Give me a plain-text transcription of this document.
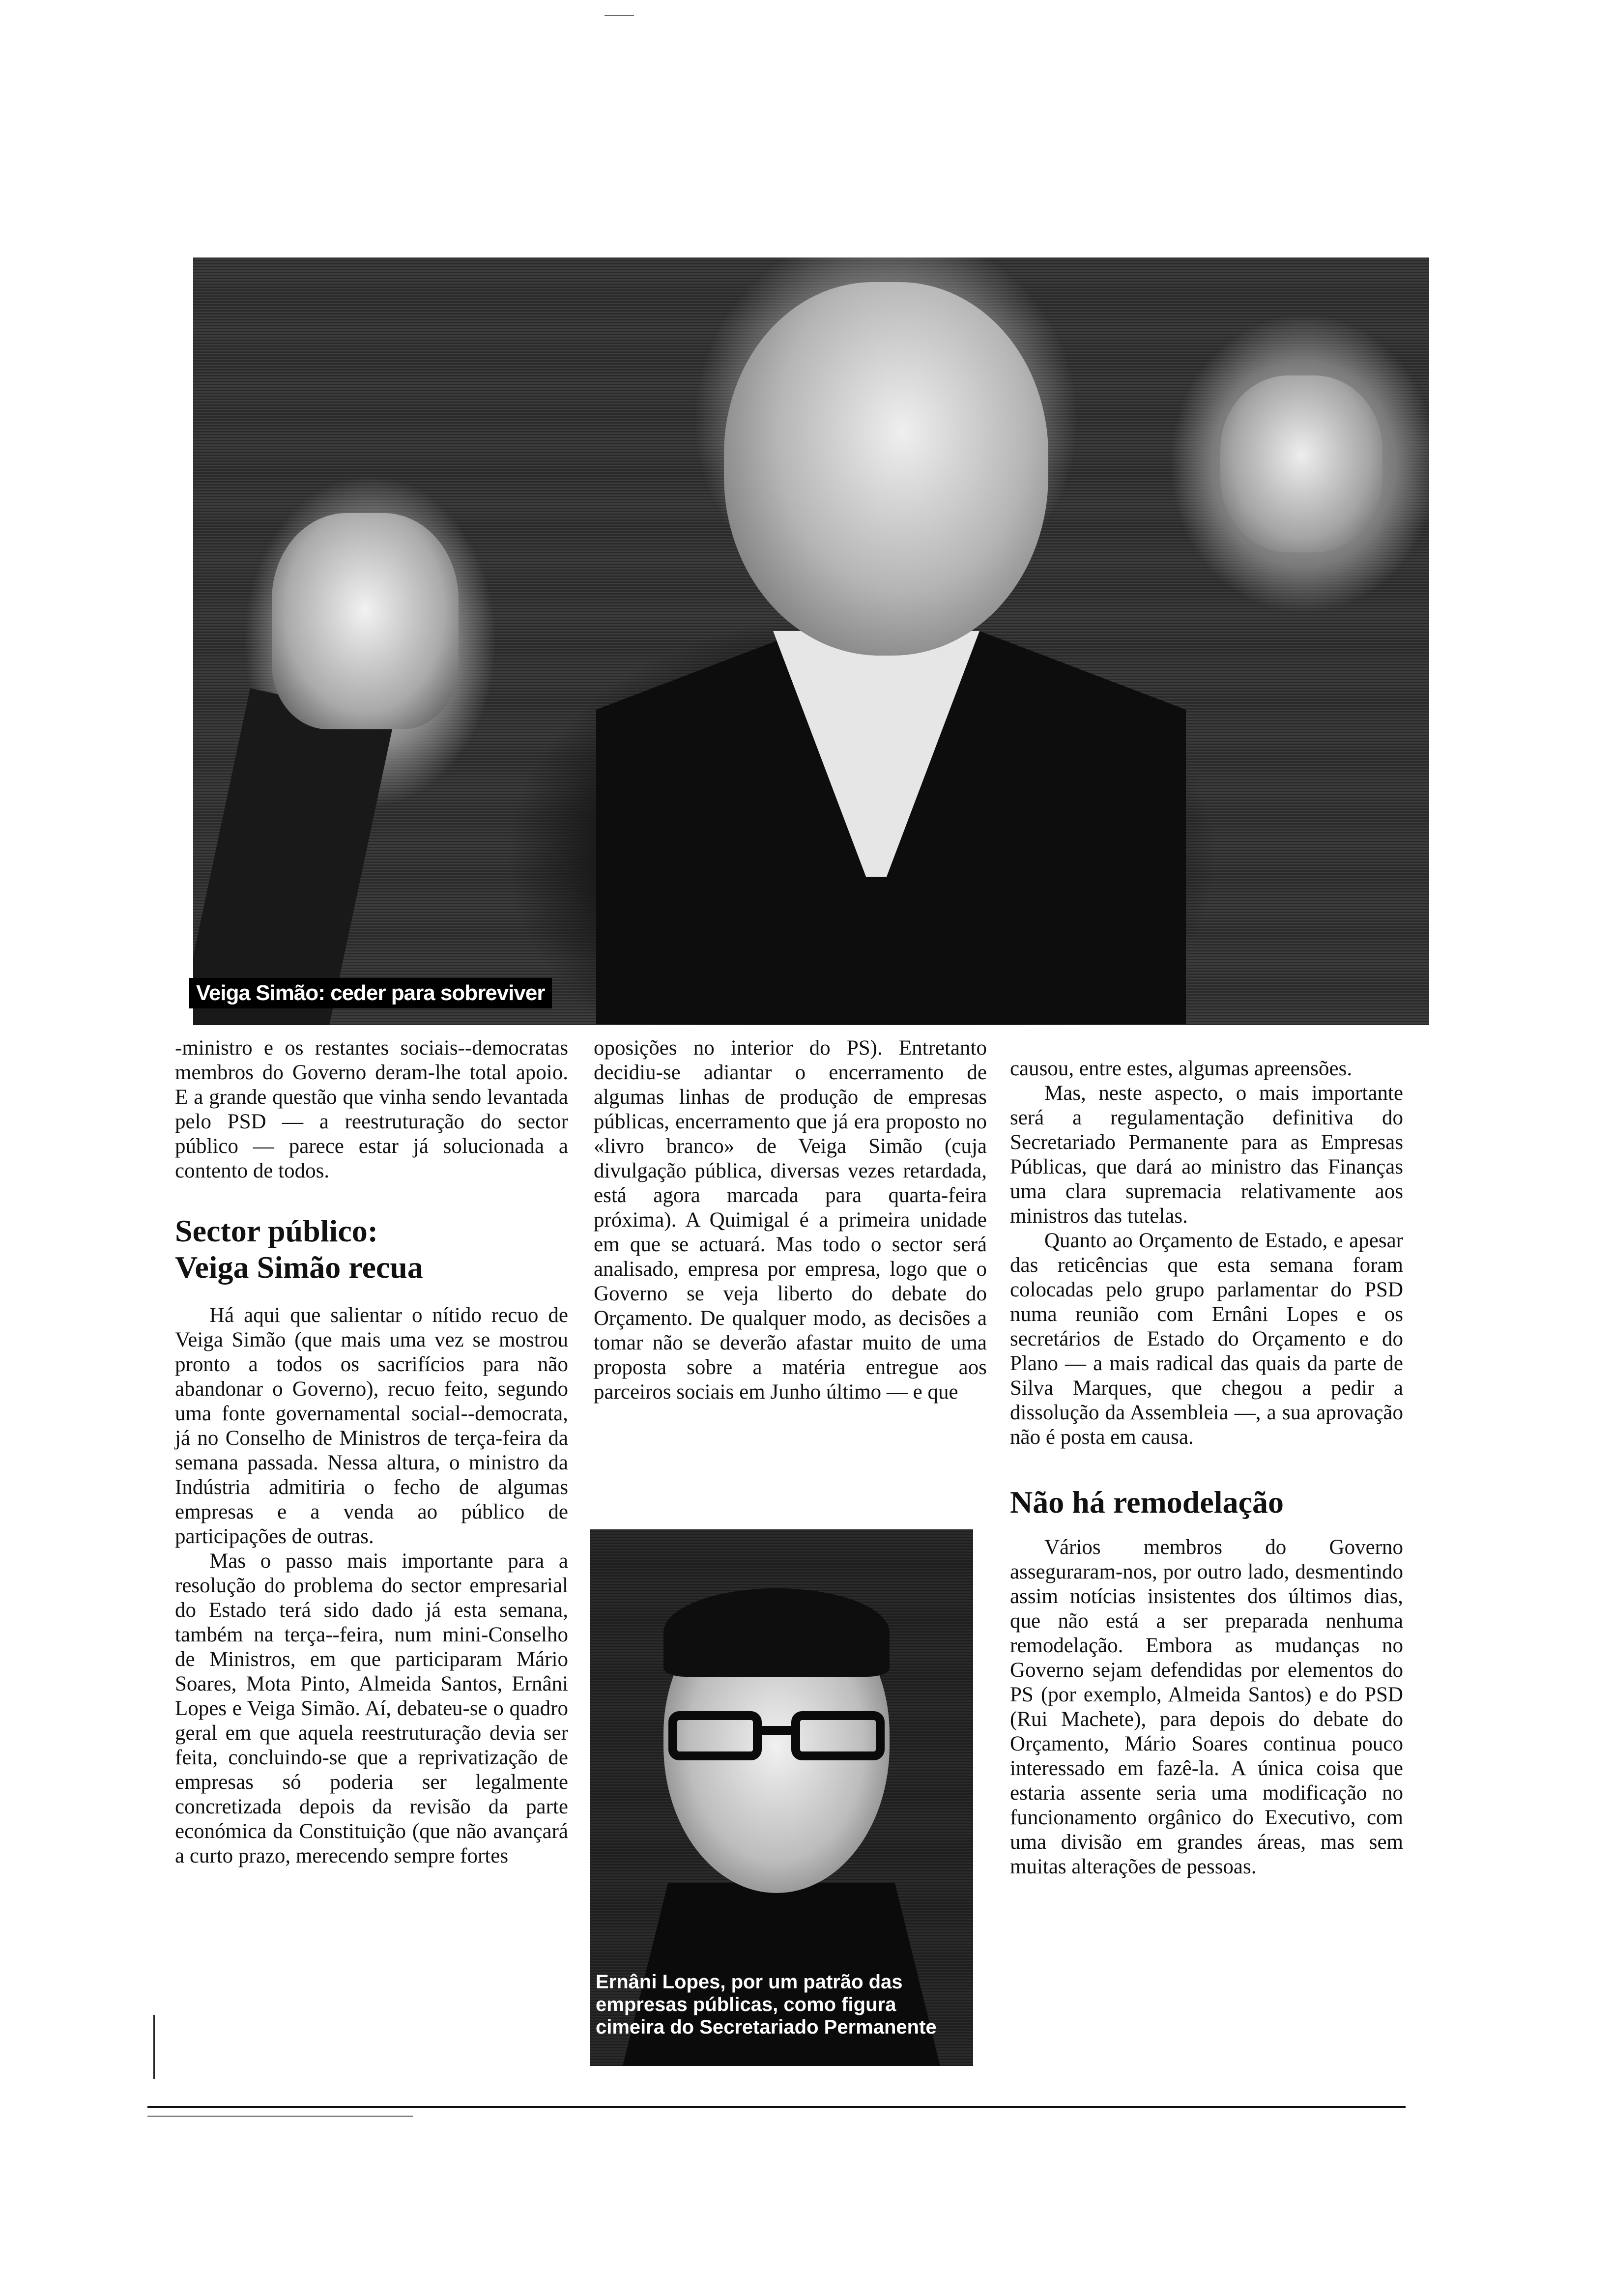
Veiga Simão: ceder para sobreviver

-ministro e os restantes sociais--democratas membros do Governo deram-lhe total apoio. E a grande questão que vinha sendo levantada pelo PSD — a reestruturação do sector público — parece estar já solucionada a contento de todos.

Sector público:
Veiga Simão recua

Há aqui que salientar o nítido recuo de Veiga Simão (que mais uma vez se mostrou pronto a todos os sacrifícios para não abandonar o Governo), recuo feito, segundo uma fonte governamental social--democrata, já no Conselho de Ministros de terça-feira da semana passada. Nessa altura, o ministro da Indústria admitiria o fecho de algumas empresas e a venda ao público de participações de outras.

Mas o passo mais importante para a resolução do problema do sector empresarial do Estado terá sido dado já esta semana, também na terça--feira, num mini-Conselho de Ministros, em que participaram Mário Soares, Mota Pinto, Almeida Santos, Ernâni Lopes e Veiga Simão. Aí, debateu-se o quadro geral em que aquela reestruturação devia ser feita, concluindo-se que a reprivatização de empresas só poderia ser legalmente concretizada depois da revisão da parte económica da Constituição (que não avançará a curto prazo, merecendo sempre fortes

oposições no interior do PS). Entretanto decidiu-se adiantar o encerramento de algumas linhas de produção de empresas públicas, encerramento que já era proposto no «livro branco» de Veiga Simão (cuja divulgação pública, diversas vezes retardada, está agora marcada para quarta-feira próxima). A Quimigal é a primeira unidade em que se actuará. Mas todo o sector será analisado, empresa por empresa, logo que o Governo se veja liberto do debate do Orçamento. De qualquer modo, as decisões a tomar não se deverão afastar muito de uma proposta sobre a matéria entregue aos parceiros sociais em Junho último — e que

Ernâni Lopes, por um patrão das empresas públicas, como figura cimeira do Secretariado Permanente

causou, entre estes, algumas apreensões.

Mas, neste aspecto, o mais importante será a regulamentação definitiva do Secretariado Permanente para as Empresas Públicas, que dará ao ministro das Finanças uma clara supremacia relativamente aos ministros das tutelas.

Quanto ao Orçamento de Estado, e apesar das reticências que esta semana foram colocadas pelo grupo parlamentar do PSD numa reunião com Ernâni Lopes e os secretários de Estado do Orçamento e do Plano — a mais radical das quais da parte de Silva Marques, que chegou a pedir a dissolução da Assembleia —, a sua aprovação não é posta em causa.

Não há remodelação

Vários membros do Governo asseguraram-nos, por outro lado, desmentindo assim notícias insistentes dos últimos dias, que não está a ser preparada nenhuma remodelação. Embora as mudanças no Governo sejam defendidas por elementos do PS (por exemplo, Almeida Santos) e do PSD (Rui Machete), para depois do debate do Orçamento, Mário Soares continua pouco interessado em fazê-la. A única coisa que estaria assente seria uma modificação no funcionamento orgânico do Executivo, com uma divisão em grandes áreas, mas sem muitas alterações de pessoas.
